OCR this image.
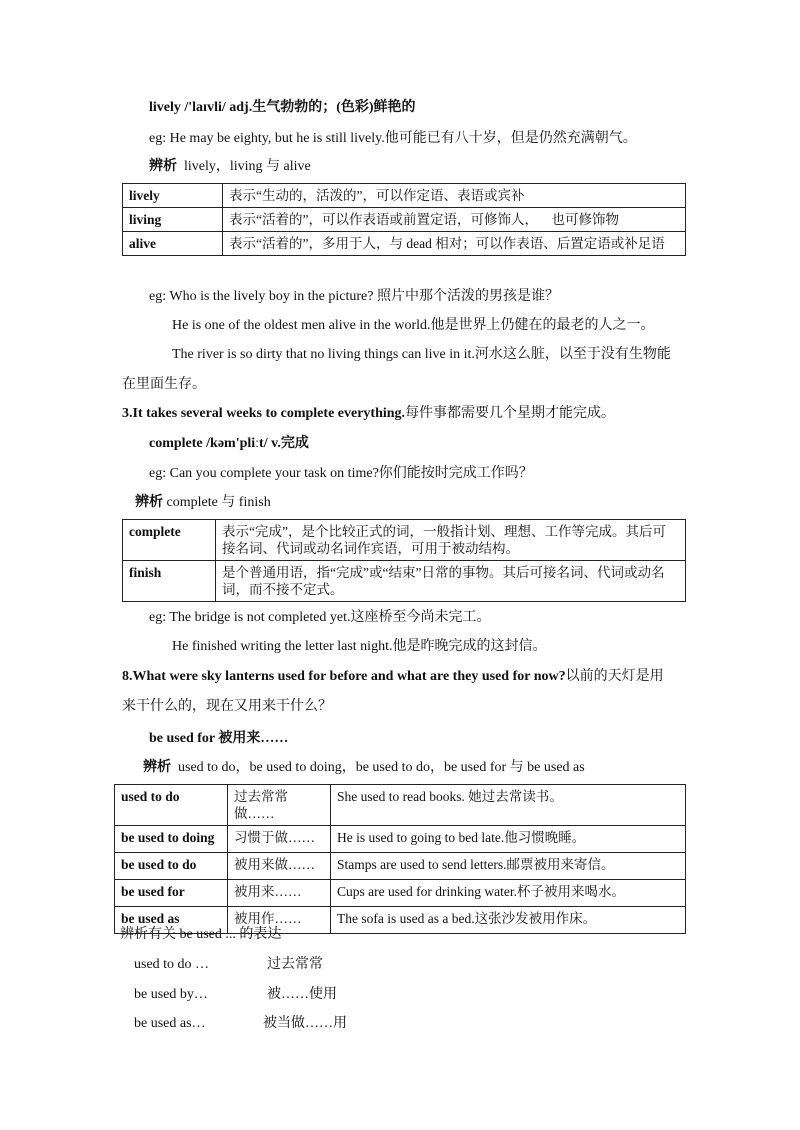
lively /'laɪvli/ adj.生气勃勃的；(色彩)鲜艳的
eg: He may be eighty, but he is still lively.他可能已有八十岁，但是仍然充满朝气。
辨析 lively，living 与 alive
lively	表示“生动的，活泼的”，可以作定语、表语或宾补
living	表示“活着的”，可以作表语或前置定语，可修饰人，    也可修饰物
alive	表示“活着的”，多用于人，与 dead 相对；可以作表语、后置定语或补足语
eg: Who is the lively boy in the picture? 照片中那个活泼的男孩是谁？
He is one of the oldest men alive in the world.他是世界上仍健在的最老的人之一。
The river is so dirty that no living things can live in it.河水这么脏，以至于没有生物能
在里面生存。
3.It takes several weeks to complete everything.每件事都需要几个星期才能完成。
complete /kəm'pliːt/ v.完成
eg: Can you complete your task on time?你们能按时完成工作吗？
辨析 complete 与 finish
complete	表示“完成”，是个比较正式的词，一般指计划、理想、工作等完成。其后可接名词、代词或动名词作宾语，可用于被动结构。
finish	是个普通用语，指“完成”或“结束”日常的事物。其后可接名词、代词或动名词，而不接不定式。
eg: The bridge is not completed yet.这座桥至今尚未完工。
He finished writing the letter last night.他是昨晚完成的这封信。
8.What were sky lanterns used for before and what are they used for now?以前的天灯是用
来干什么的，现在又用来干什么？
be used for 被用来……
辨析 used to do，be used to doing，be used to do，be used for 与 be used as
used to do	过去常常做……	She used to read books. 她过去常读书。
be used to doing	习惯于做……	He is used to going to bed late.他习惯晚睡。
be used to do	被用来做……	Stamps are used to send letters.邮票被用来寄信。
be used for	被用来……	Cups are used for drinking water.杯子被用来喝水。
be used as	被用作……	The sofa is used as a bed.这张沙发被用作床。
辨析有关 be used ... 的表达
used to do …	过去常常
be used by…	被……使用
be used as…	被当做……用
